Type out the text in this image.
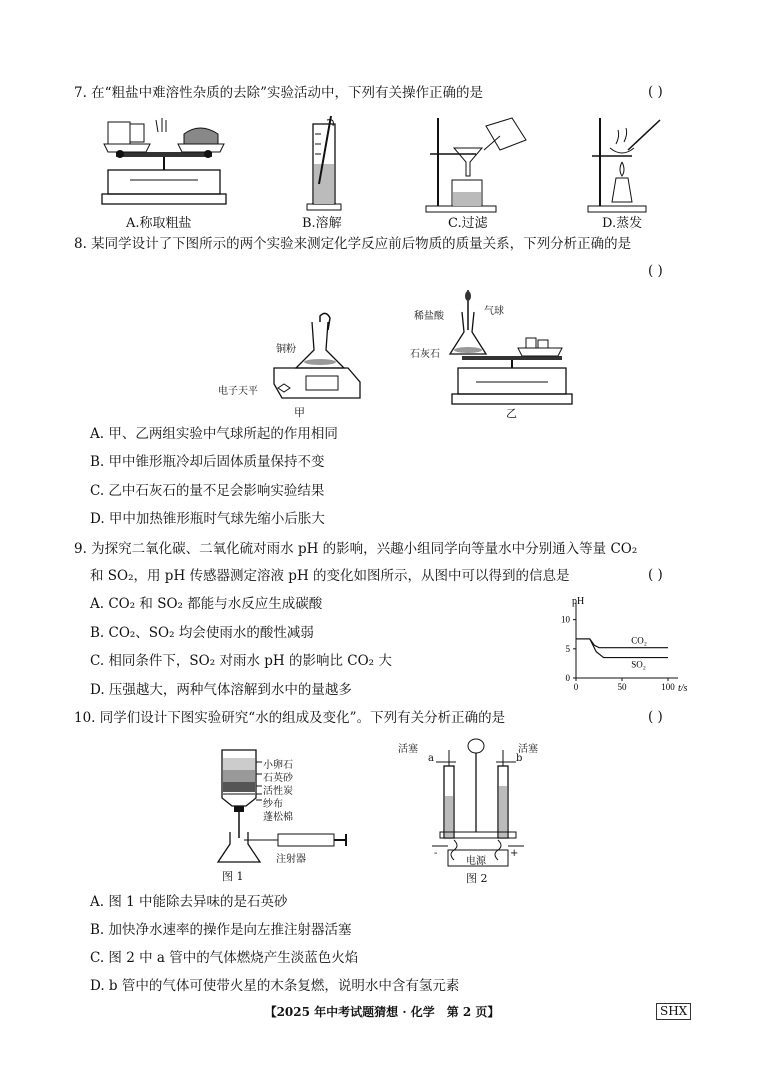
7. 在“粗盐中难溶性杂质的去除”实验活动中，下列有关操作正确的是	( )
A.称取粗盐	B.溶解	C.过滤	D.蒸发
8. 某同学设计了下图所示的两个实验来测定化学反应前后物质的质量关系，下列分析正确的是
( )
铜粉
电子天平
甲
稀盐酸	气球
石灰石
乙
A. 甲、乙两组实验中气球所起的作用相同
B. 甲中锥形瓶冷却后固体质量保持不变
C. 乙中石灰石的量不足会影响实验结果
D. 甲中加热锥形瓶时气球先缩小后胀大
9. 为探究二氧化碳、二氧化硫对雨水 pH 的影响，兴趣小组同学向等量水中分别通入等量 CO₂
和 SO₂，用 pH 传感器测定溶液 pH 的变化如图所示，从图中可以得到的信息是	( )
A. CO₂ 和 SO₂ 都能与水反应生成碳酸
B. CO₂、SO₂ 均会使雨水的酸性减弱
C. 相同条件下，SO₂ 对雨水 pH 的影响比 CO₂ 大
D. 压强越大，两种气体溶解到水中的量越多
pH
t/s
0
5
10
0	50	100
CO₂
SO₂
10. 同学们设计下图实验研究“水的组成及变化”。下列有关分析正确的是	( )
小卵石
石英砂
活性炭
纱布
蓬松棉
注射器
图 1
活塞	活塞
a	b
电源
-	+
图 2
A. 图 1 中能除去异味的是石英砂
B. 加快净水速率的操作是向左推注射器活塞
C. 图 2 中 a 管中的气体燃烧产生淡蓝色火焰
D. b 管中的气体可使带火星的木条复燃，说明水中含有氢元素
【2025 年中考试题猜想 · 化学　第 2 页】	SHX
